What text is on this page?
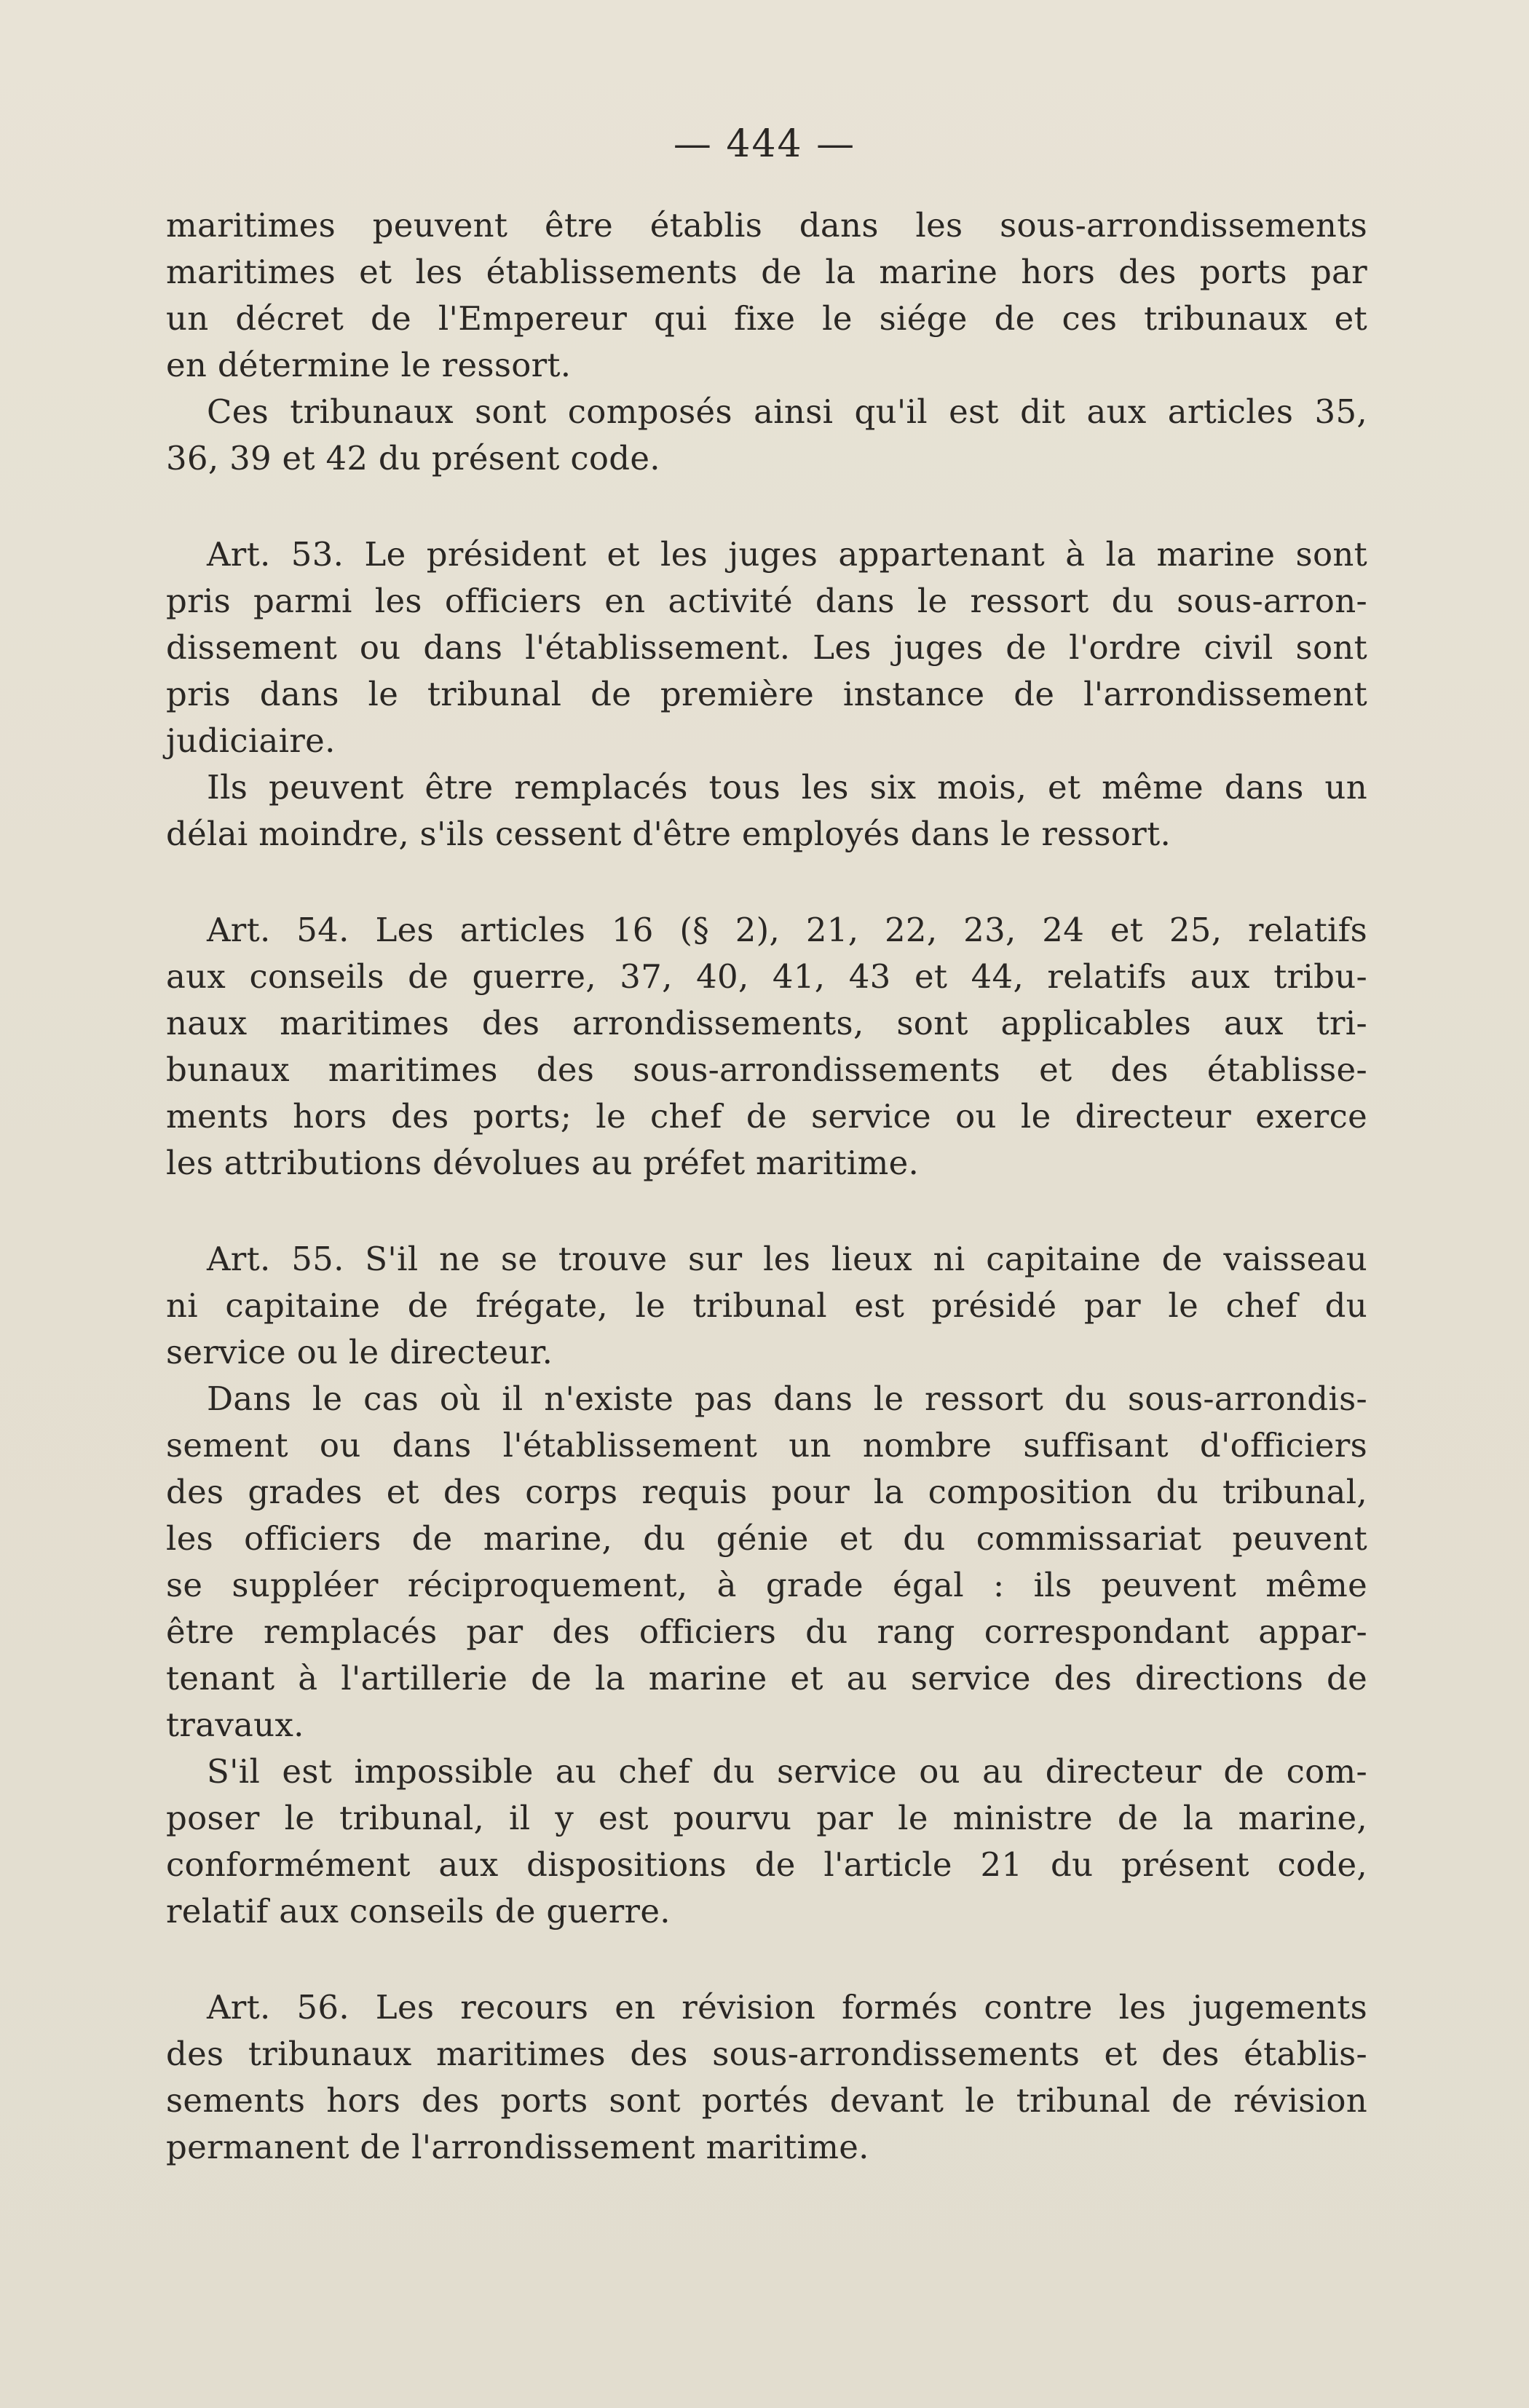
— 444 —
maritimes peuvent être établis dans les sous-arrondissements
maritimes et les établissements de la marine hors des ports par
un décret de l'Empereur qui fixe le siége de ces tribunaux et
en détermine le ressort.
Ces tribunaux sont composés ainsi qu'il est dit aux articles 35,
36, 39 et 42 du présent code.
Art. 53. Le président et les juges appartenant à la marine sont
pris parmi les officiers en activité dans le ressort du sous-arron-
dissement ou dans l'établissement. Les juges de l'ordre civil sont
pris dans le tribunal de première instance de l'arrondissement
judiciaire.
Ils peuvent être remplacés tous les six mois, et même dans un
délai moindre, s'ils cessent d'être employés dans le ressort.
Art. 54. Les articles 16 (§ 2), 21, 22, 23, 24 et 25, relatifs
aux conseils de guerre, 37, 40, 41, 43 et 44, relatifs aux tribu-
naux maritimes des arrondissements, sont applicables aux tri-
bunaux maritimes des sous-arrondissements et des établisse-
ments hors des ports; le chef de service ou le directeur exerce
les attributions dévolues au préfet maritime.
Art. 55. S'il ne se trouve sur les lieux ni capitaine de vaisseau
ni capitaine de frégate, le tribunal est présidé par le chef du
service ou le directeur.
Dans le cas où il n'existe pas dans le ressort du sous-arrondis-
sement ou dans l'établissement un nombre suffisant d'officiers
des grades et des corps requis pour la composition du tribunal,
les officiers de marine, du génie et du commissariat peuvent
se suppléer réciproquement, à grade égal : ils peuvent même
être remplacés par des officiers du rang correspondant appar-
tenant à l'artillerie de la marine et au service des directions de
travaux.
S'il est impossible au chef du service ou au directeur de com-
poser le tribunal, il y est pourvu par le ministre de la marine,
conformément aux dispositions de l'article 21 du présent code,
relatif aux conseils de guerre.
Art. 56. Les recours en révision formés contre les jugements
des tribunaux maritimes des sous-arrondissements et des établis-
sements hors des ports sont portés devant le tribunal de révision
permanent de l'arrondissement maritime.
